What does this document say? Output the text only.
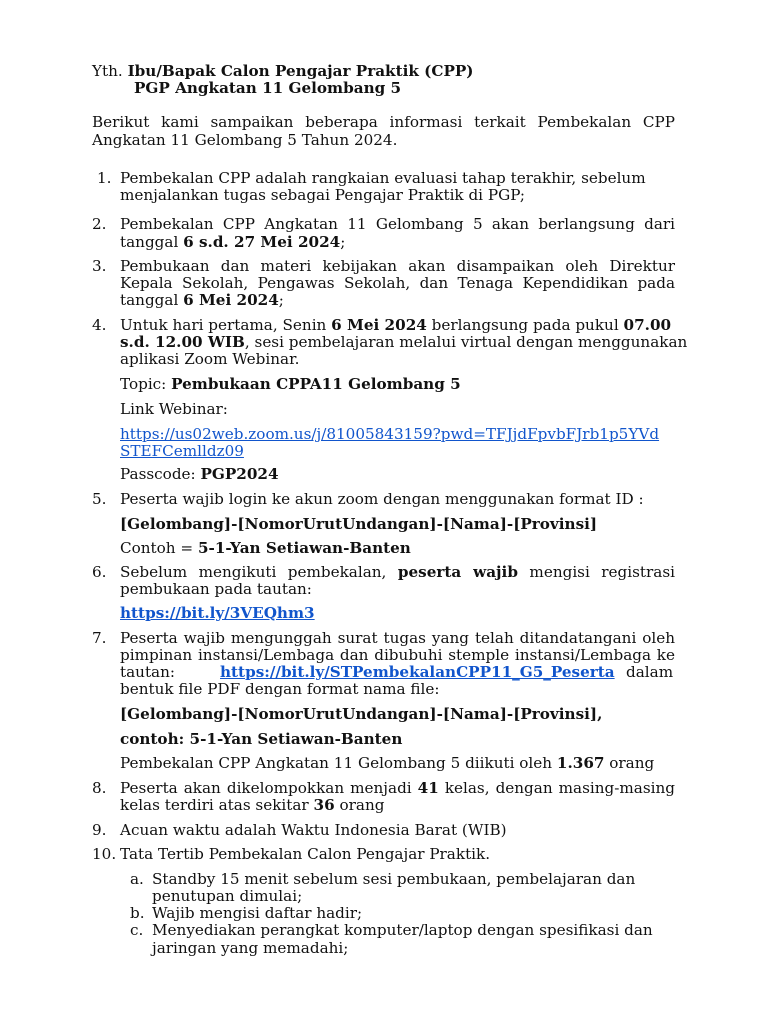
Yth. Ibu/Bapak Calon Pengajar Praktik (CPP)
PGP Angkatan 11 Gelombang 5
Berikut kami sampaikan beberapa informasi terkait Pembekalan CPP
Angkatan 11 Gelombang 5 Tahun 2024.
1. Pembekalan CPP adalah rangkaian evaluasi tahap terakhir, sebelum
menjalankan tugas sebagai Pengajar Praktik di PGP;
2. Pembekalan CPP Angkatan 11 Gelombang 5 akan berlangsung dari
tanggal 6 s.d. 27 Mei 2024;
3. Pembukaan dan materi kebijakan akan disampaikan oleh Direktur
Kepala Sekolah, Pengawas Sekolah, dan Tenaga Kependidikan pada
tanggal 6 Mei 2024;
4. Untuk hari pertama, Senin 6 Mei 2024 berlangsung pada pukul 07.00
s.d. 12.00 WIB, sesi pembelajaran melalui virtual dengan menggunakan
aplikasi Zoom Webinar.
Topic: Pembukaan CPPA11 Gelombang 5
Link Webinar:
https://us02web.zoom.us/j/81005843159?pwd=TFJjdFpvbFJrb1p5YVd
STEFCemlldz09
Passcode: PGP2024
5. Peserta wajib login ke akun zoom dengan menggunakan format ID :
[Gelombang]-[NomorUrutUndangan]-[Nama]-[Provinsi]
Contoh = 5-1-Yan Setiawan-Banten
6. Sebelum mengikuti pembekalan, peserta wajib mengisi registrasi
pembukaan pada tautan:
https://bit.ly/3VEQhm3
7. Peserta wajib mengunggah surat tugas yang telah ditandatangani oleh
pimpinan instansi/Lembaga dan dibubuhi stemple instansi/Lembaga ke
tautan:	https://bit.ly/STPembekalanCPP11_G5_Peserta dalam
bentuk file PDF dengan format nama file:
[Gelombang]-[NomorUrutUndangan]-[Nama]-[Provinsi],
contoh: 5-1-Yan Setiawan-Banten
Pembekalan CPP Angkatan 11 Gelombang 5 diikuti oleh 1.367 orang
8. Peserta akan dikelompokkan menjadi 41 kelas, dengan masing-masing
kelas terdiri atas sekitar 36 orang
9. Acuan waktu adalah Waktu Indonesia Barat (WIB)
10. Tata Tertib Pembekalan Calon Pengajar Praktik.
a. Standby 15 menit sebelum sesi pembukaan, pembelajaran dan
penutupan dimulai;
b. Wajib mengisi daftar hadir;
c. Menyediakan perangkat komputer/laptop dengan spesifikasi dan
jaringan yang memadahi;
